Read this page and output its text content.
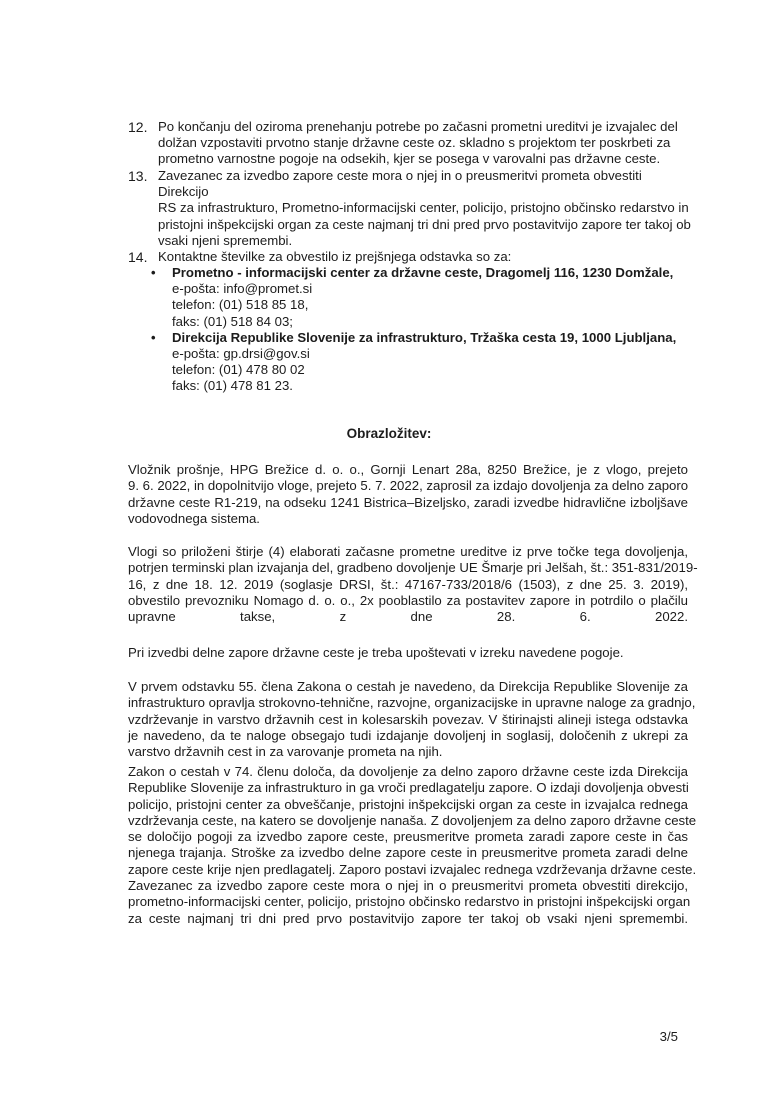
12. Po končanju del oziroma prenehanju potrebe po začasni prometni ureditvi je izvajalec del
dolžan vzpostaviti prvotno stanje državne ceste oz. skladno s projektom ter poskrbeti za
prometno varnostne pogoje na odsekih, kjer se posega v varovalni pas državne ceste.
13. Zavezanec za izvedbo zapore ceste mora o njej in o preusmeritvi prometa obvestiti Direkcijo
RS za infrastrukturo, Prometno-informacijski center, policijo, pristojno občinsko redarstvo in
pristojni inšpekcijski organ za ceste najmanj tri dni pred prvo postavitvijo zapore ter takoj ob
vsaki njeni spremembi.
14. Kontaktne številke za obvestilo iz prejšnjega odstavka so za:
• Prometno - informacijski center za državne ceste, Dragomelj 116, 1230 Domžale,
e-pošta: info@promet.si
telefon: (01) 518 85 18,
faks: (01) 518 84 03;
• Direkcija Republike Slovenije za infrastrukturo, Tržaška cesta 19, 1000 Ljubljana,
e-pošta: gp.drsi@gov.si
telefon: (01) 478 80 02
faks: (01) 478 81 23.
Obrazložitev:
Vložnik prošnje, HPG Brežice d. o. o., Gornji Lenart 28a, 8250 Brežice, je z vlogo, prejeto
9. 6. 2022, in dopolnitvijo vloge, prejeto 5. 7. 2022, zaprosil za izdajo dovoljenja za delno zaporo
državne ceste R1-219, na odseku 1241 Bistrica–Bizeljsko, zaradi izvedbe hidravlične izboljšave
vodovodnega sistema.
Vlogi so priloženi štirje (4) elaborati začasne prometne ureditve iz prve točke tega dovoljenja,
potrjen terminski plan izvajanja del, gradbeno dovoljenje UE Šmarje pri Jelšah, št.: 351-831/2019-
16, z dne 18. 12. 2019 (soglasje DRSI, št.: 47167-733/2018/6 (1503), z dne 25. 3. 2019),
obvestilo prevozniku Nomago d. o. o., 2x pooblastilo za postavitev zapore in potrdilo o plačilu
upravne takse, z dne 28. 6. 2022.
Pri izvedbi delne zapore državne ceste je treba upoštevati v izreku navedene pogoje.
V prvem odstavku 55. člena Zakona o cestah je navedeno, da Direkcija Republike Slovenije za
infrastrukturo opravlja strokovno-tehnične, razvojne, organizacijske in upravne naloge za gradnjo,
vzdrževanje in varstvo državnih cest in kolesarskih povezav. V štirinajsti alineji istega odstavka
je navedeno, da te naloge obsegajo tudi izdajanje dovoljenj in soglasij, določenih z ukrepi za
varstvo državnih cest in za varovanje prometa na njih.
Zakon o cestah v 74. členu določa, da dovoljenje za delno zaporo državne ceste izda Direkcija
Republike Slovenije za infrastrukturo in ga vroči predlagatelju zapore. O izdaji dovoljenja obvesti
policijo, pristojni center za obveščanje, pristojni inšpekcijski organ za ceste in izvajalca rednega
vzdrževanja ceste, na katero se dovoljenje nanaša. Z dovoljenjem za delno zaporo državne ceste
se določijo pogoji za izvedbo zapore ceste, preusmeritve prometa zaradi zapore ceste in čas
njenega trajanja. Stroške za izvedbo delne zapore ceste in preusmeritve prometa zaradi delne
zapore ceste krije njen predlagatelj. Zaporo postavi izvajalec rednega vzdrževanja državne ceste.
Zavezanec za izvedbo zapore ceste mora o njej in o preusmeritvi prometa obvestiti direkcijo,
prometno-informacijski center, policijo, pristojno občinsko redarstvo in pristojni inšpekcijski organ
za ceste najmanj tri dni pred prvo postavitvijo zapore ter takoj ob vsaki njeni spremembi.
3/5
